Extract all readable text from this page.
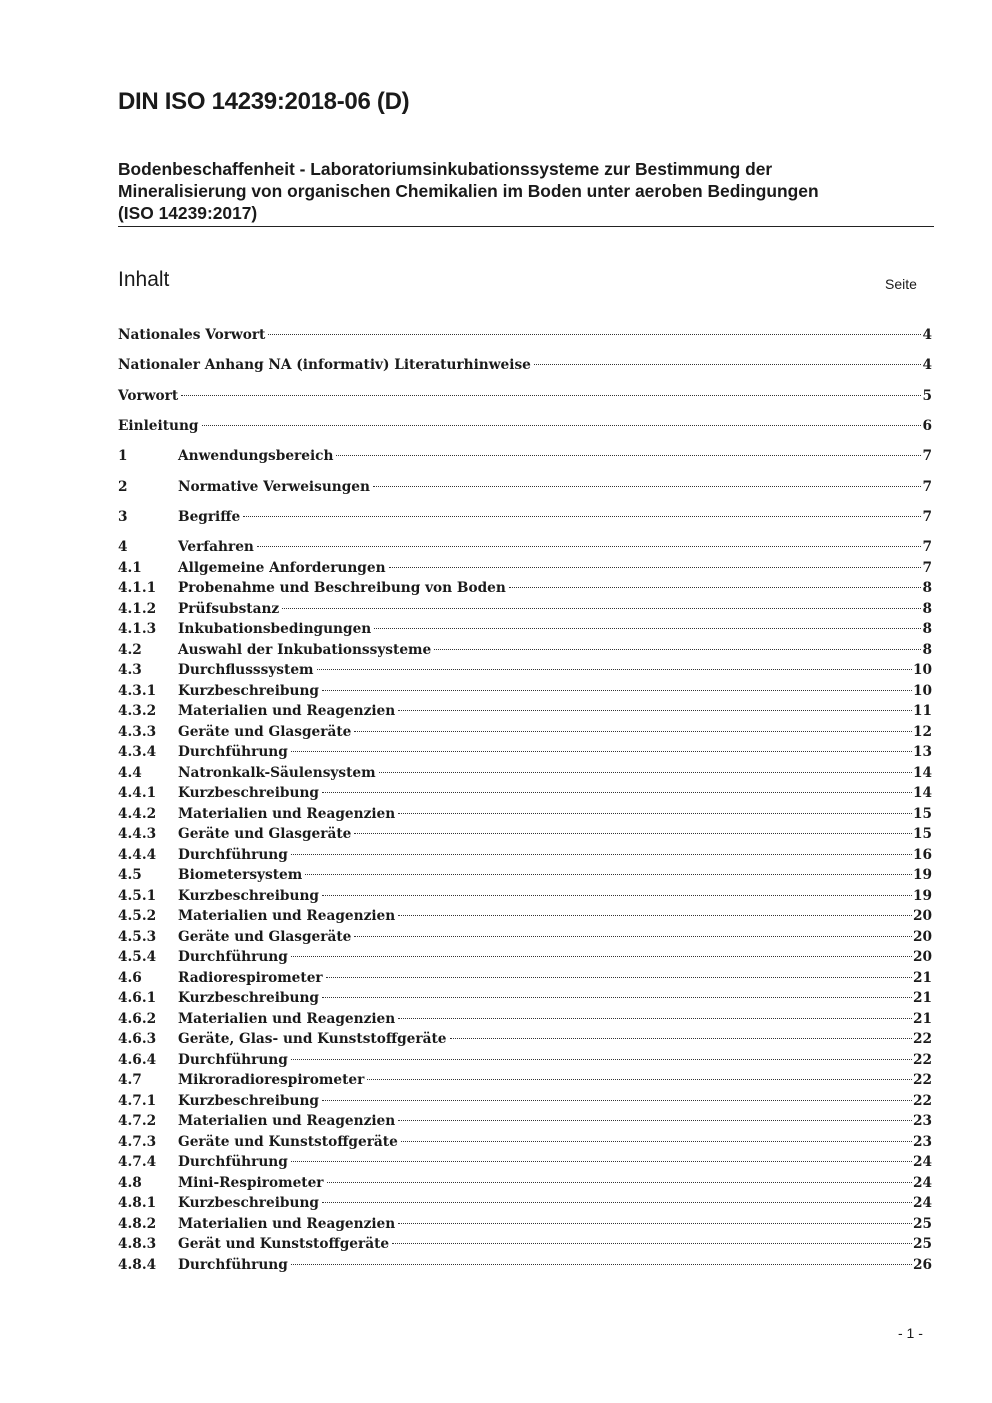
DIN ISO 14239:2018-06 (D)
Bodenbeschaffenheit - Laboratoriumsinkubationssysteme zur Bestimmung der
Mineralisierung von organischen Chemikalien im Boden unter aeroben Bedingungen
(ISO 14239:2017)
Inhalt	Seite
Nationales Vorwort	4
Nationaler Anhang NA (informativ) Literaturhinweise	4
Vorwort	5
Einleitung	6
1	Anwendungsbereich	7
2	Normative Verweisungen	7
3	Begriffe	7
4	Verfahren	7
4.1	Allgemeine Anforderungen	7
4.1.1	Probenahme und Beschreibung von Boden	8
4.1.2	Prüfsubstanz	8
4.1.3	Inkubationsbedingungen	8
4.2	Auswahl der Inkubationssysteme	8
4.3	Durchflusssystem	10
4.3.1	Kurzbeschreibung	10
4.3.2	Materialien und Reagenzien	11
4.3.3	Geräte und Glasgeräte	12
4.3.4	Durchführung	13
4.4	Natronkalk-Säulensystem	14
4.4.1	Kurzbeschreibung	14
4.4.2	Materialien und Reagenzien	15
4.4.3	Geräte und Glasgeräte	15
4.4.4	Durchführung	16
4.5	Biometersystem	19
4.5.1	Kurzbeschreibung	19
4.5.2	Materialien und Reagenzien	20
4.5.3	Geräte und Glasgeräte	20
4.5.4	Durchführung	20
4.6	Radiorespirometer	21
4.6.1	Kurzbeschreibung	21
4.6.2	Materialien und Reagenzien	21
4.6.3	Geräte, Glas- und Kunststoffgeräte	22
4.6.4	Durchführung	22
4.7	Mikroradiorespirometer	22
4.7.1	Kurzbeschreibung	22
4.7.2	Materialien und Reagenzien	23
4.7.3	Geräte und Kunststoffgeräte	23
4.7.4	Durchführung	24
4.8	Mini-Respirometer	24
4.8.1	Kurzbeschreibung	24
4.8.2	Materialien und Reagenzien	25
4.8.3	Gerät und Kunststoffgeräte	25
4.8.4	Durchführung	26
- 1 -
